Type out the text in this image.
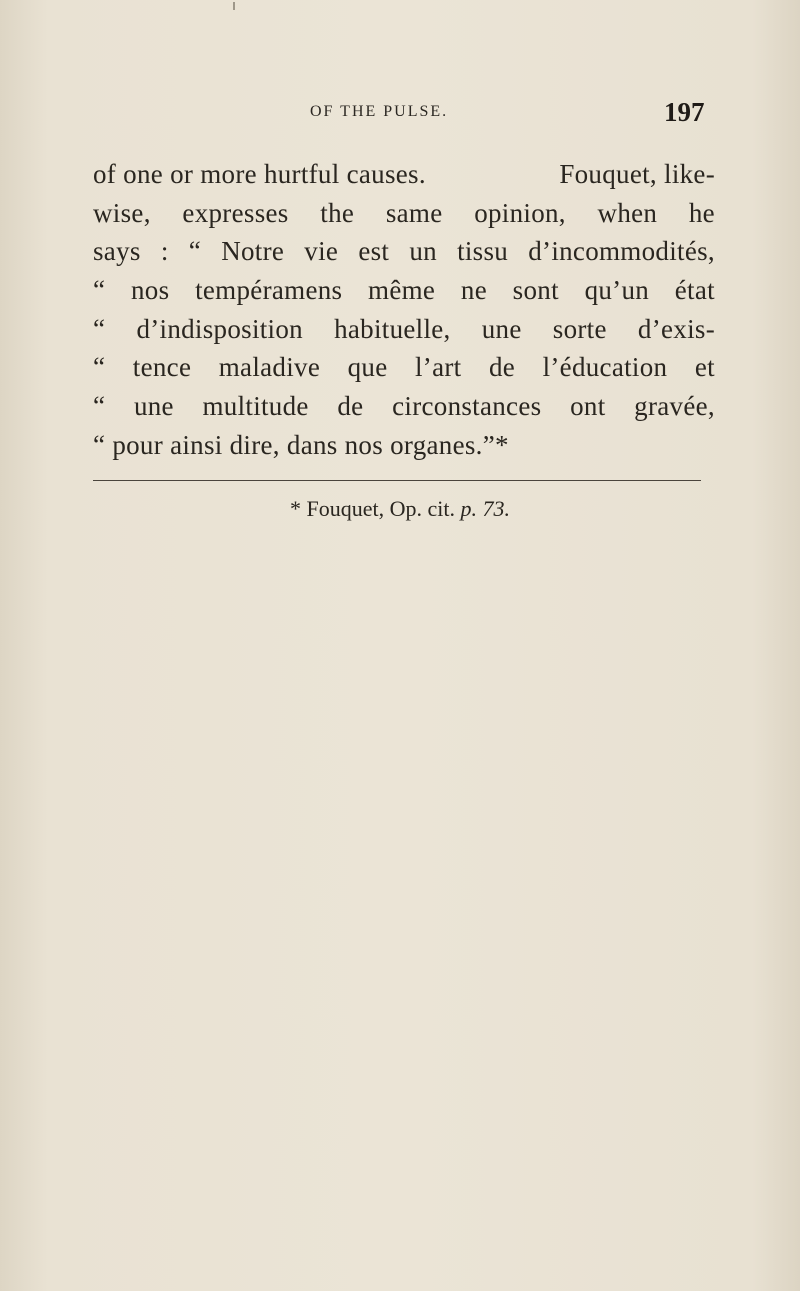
OF THE PULSE.	197
of one or more hurtful causes.	Fouquet, like-
wise, expresses the same opinion, when he
says : “ Notre vie est un tissu d’incommodités,
“ nos tempéramens même ne sont qu’un état
“ d’indisposition habituelle, une sorte d’exis-
“ tence maladive que l’art de l’éducation et
“ une multitude de circonstances ont gravée,
“ pour ainsi dire, dans nos organes.”*
* Fouquet, Op. cit. p. 73.
